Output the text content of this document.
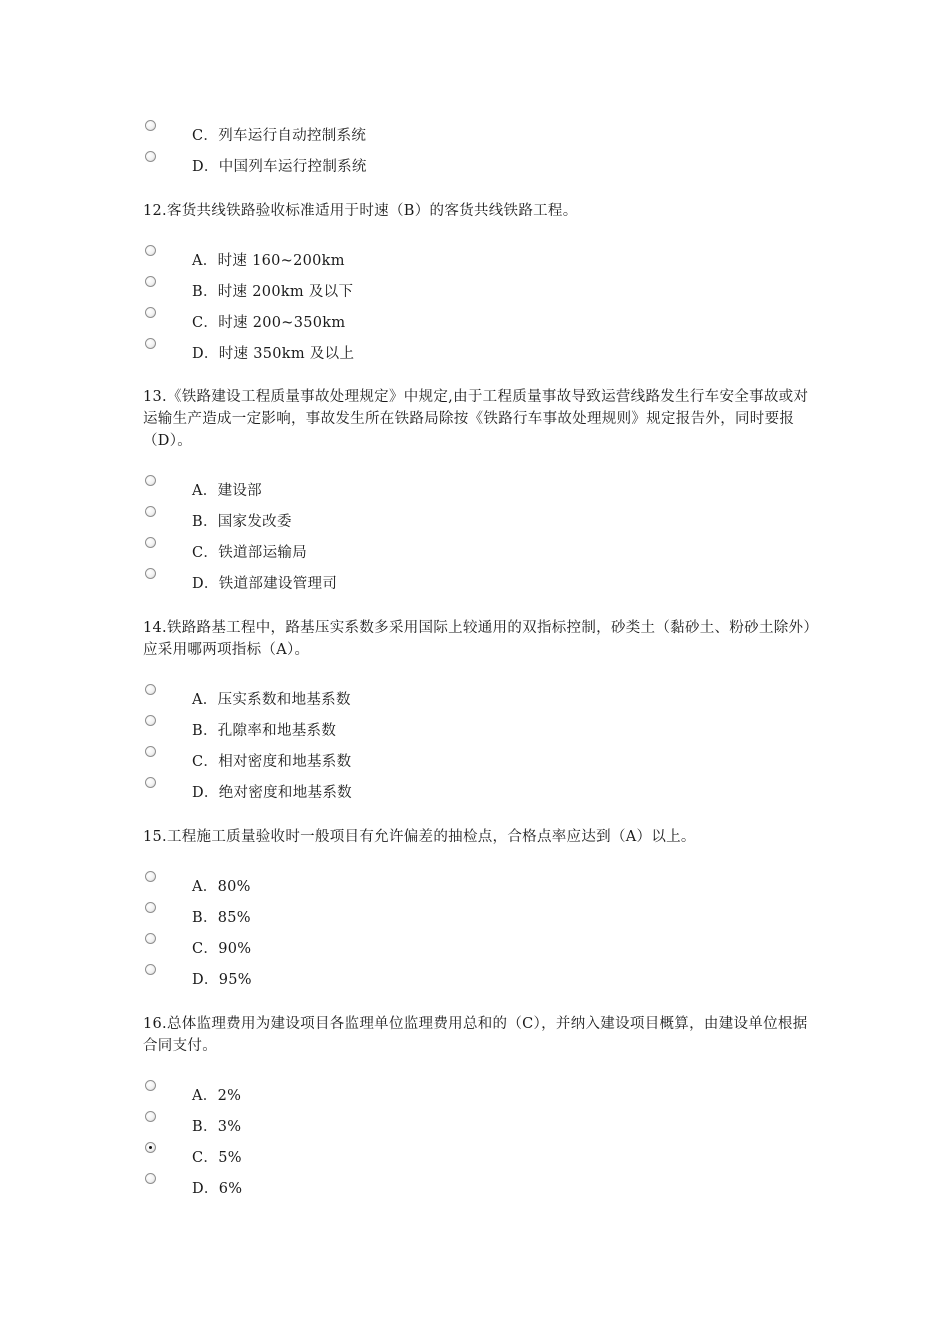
C．列车运行自动控制系统
D．中国列车运行控制系统
12.客货共线铁路验收标准适用于时速（B）的客货共线铁路工程。
A．时速 160~200km
B．时速 200km 及以下
C．时速 200~350km
D．时速 350km 及以上
13.《铁路建设工程质量事故处理规定》中规定,由于工程质量事故导致运营线路发生行车安全事故或对运输生产造成一定影响，事故发生所在铁路局除按《铁路行车事故处理规则》规定报告外，同时要报（D）。
A．建设部
B．国家发改委
C．铁道部运输局
D．铁道部建设管理司
14.铁路路基工程中，路基压实系数多采用国际上较通用的双指标控制，砂类土（黏砂土、粉砂土除外）应采用哪两项指标（A）。
A．压实系数和地基系数
B．孔隙率和地基系数
C．相对密度和地基系数
D．绝对密度和地基系数
15.工程施工质量验收时一般项目有允许偏差的抽检点，合格点率应达到（A）以上。
A．80%
B．85%
C．90%
D．95%
16.总体监理费用为建设项目各监理单位监理费用总和的（C），并纳入建设项目概算，由建设单位根据合同支付。
A．2%
B．3%
C．5%
D．6%
